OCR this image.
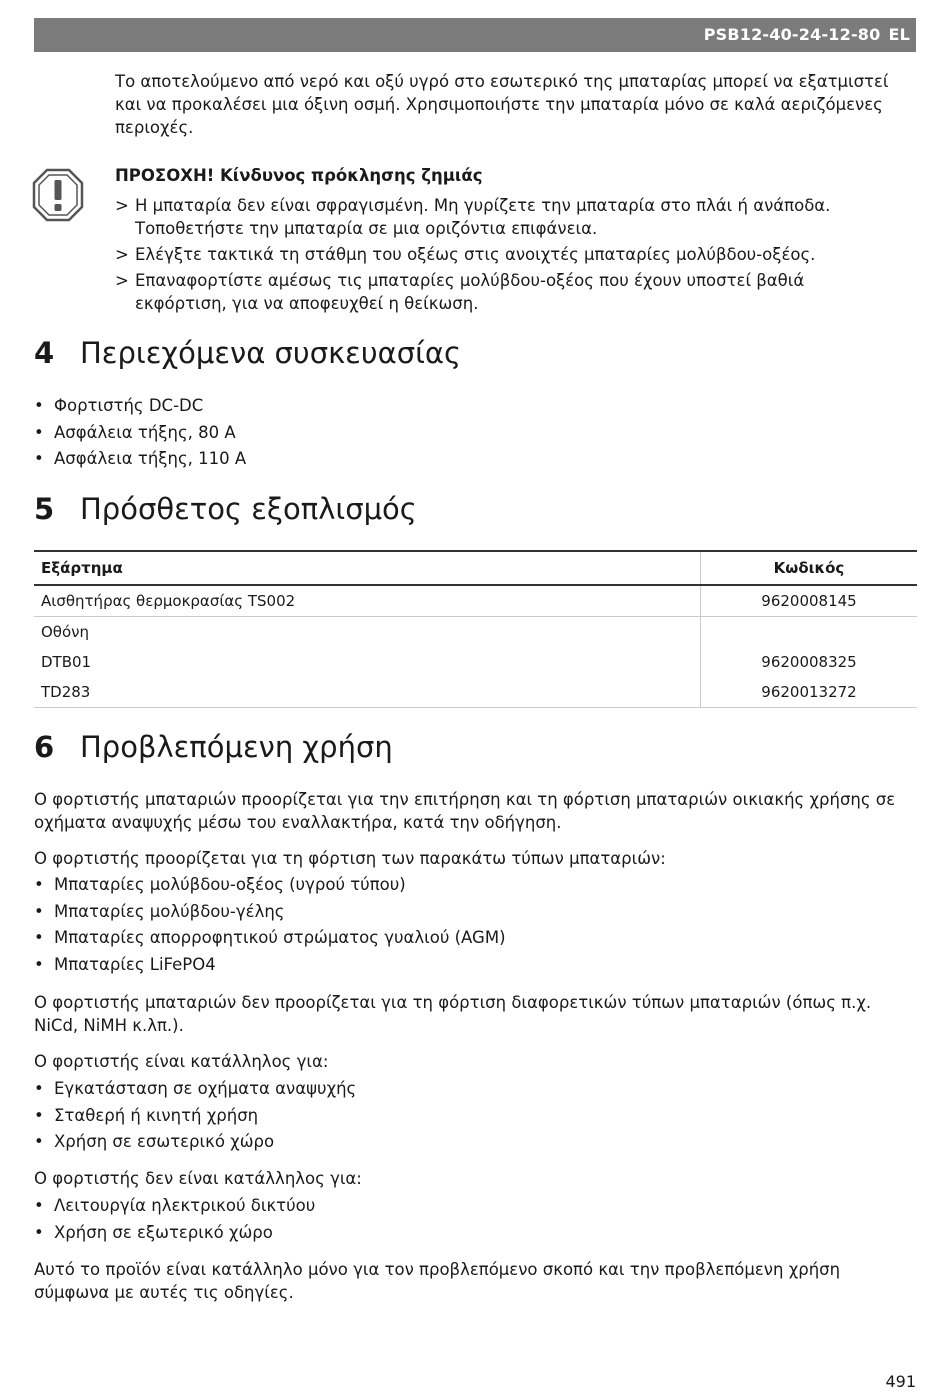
PSB12-40-24-12-80 EL

Το αποτελούμενο από νερό και οξύ υγρό στο εσωτερικό της μπαταρίας μπορεί να εξατμιστεί και να προκαλέσει μια όξινη οσμή. Χρησιμοποιήστε την μπαταρία μόνο σε καλά αεριζόμενες περιοχές.

ΠΡΟΣΟΧΗ! Κίνδυνος πρόκλησης ζημιάς
> Η μπαταρία δεν είναι σφραγισμένη. Μη γυρίζετε την μπαταρία στο πλάι ή ανάποδα. Τοποθετήστε την μπαταρία σε μια οριζόντια επιφάνεια.
> Ελέγξτε τακτικά τη στάθμη του οξέως στις ανοιχτές μπαταρίες μολύβδου-οξέος.
> Επαναφορτίστε αμέσως τις μπαταρίες μολύβδου-οξέος που έχουν υποστεί βαθιά εκφόρτιση, για να αποφευχθεί η θείκωση.
4 Περιεχόμενα συσκευασίας
• Φορτιστής DC-DC
• Ασφάλεια τήξης, 80 A
• Ασφάλεια τήξης, 110 A
5 Πρόσθετος εξοπλισμός
Εξάρτημα	Κωδικός
Αισθητήρας θερμοκρασίας TS002	9620008145
Οθόνη	
DTB01	9620008325
TD283	9620013272
6 Προβλεπόμενη χρήση

Ο φορτιστής μπαταριών προορίζεται για την επιτήρηση και τη φόρτιση μπαταριών οικιακής χρήσης σε οχήματα αναψυχής μέσω του εναλλακτήρα, κατά την οδήγηση.

Ο φορτιστής προορίζεται για τη φόρτιση των παρακάτω τύπων μπαταριών:

• Μπαταρίες μολύβδου-οξέος (υγρού τύπου)
• Μπαταρίες μολύβδου-γέλης
• Μπαταρίες απορροφητικού στρώματος γυαλιού (AGM)
• Μπαταρίες LiFePO4

Ο φορτιστής μπαταριών δεν προορίζεται για τη φόρτιση διαφορετικών τύπων μπαταριών (όπως π.χ. NiCd, NiMH κ.λπ.).

Ο φορτιστής είναι κατάλληλος για:

• Εγκατάσταση σε οχήματα αναψυχής
• Σταθερή ή κινητή χρήση
• Χρήση σε εσωτερικό χώρο

Ο φορτιστής δεν είναι κατάλληλος για:

• Λειτουργία ηλεκτρικού δικτύου
• Χρήση σε εξωτερικό χώρο

Αυτό το προϊόν είναι κατάλληλο μόνο για τον προβλεπόμενο σκοπό και την προβλεπόμενη χρήση σύμφωνα με αυτές τις οδηγίες.

491
